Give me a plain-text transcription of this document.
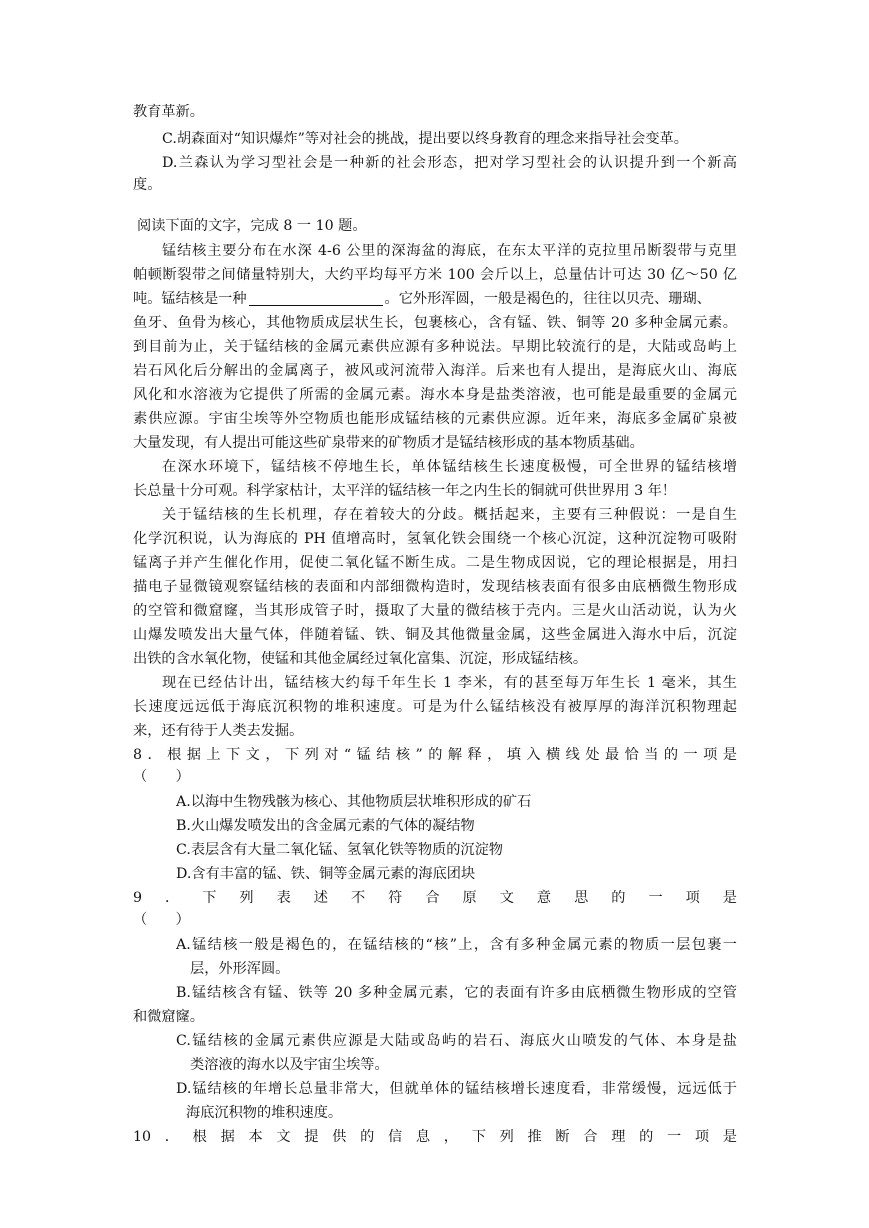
教育革新。
C.胡森面对“知识爆炸”等对社会的挑战，提出要以终身教育的理念来指导社会变革。
D.兰森认为学习型社会是一种新的社会形态，把对学习型社会的认识提升到一个新高
度。
阅读下面的文字，完成 8 一 10 题。
锰结核主要分布在水深 4-6 公里的深海盆的海底，在东太平洋的克拉里吊断裂带与克里
帕顿断裂带之间储量特别大，大约平均每平方米 100 会斤以上，总量估计可达 30 亿～50 亿
吨。锰结核是一种	。它外形浑圆，一般是褐色的，往往以贝壳、珊瑚、
鱼牙、鱼骨为核心，其他物质成层状生长，包裹核心，含有锰、铁、铜等 20 多种金属元素。
到目前为止，关于锰结核的金属元素供应源有多种说法。早期比较流行的是，大陆或岛屿上
岩石风化后分解出的金属离子，被风或河流带入海洋。后来也有人提出，是海底火山、海底
风化和水溶液为它提供了所需的金属元素。海水本身是盐类溶液，也可能是最重要的金属元
素供应源。宇宙尘埃等外空物质也能形成锰结核的元素供应源。近年来，海底多金属矿泉被
大量发现，有人提出可能这些矿泉带来的矿物质才是锰结核形成的基本物质基础。
在深水环境下，锰结核不停地生长，单体锰结核生长速度极慢，可全世界的锰结核增
长总量十分可观。科学家枯计，太平洋的锰结核一年之内生长的铜就可供世界用 3 年！
关于锰结核的生长机理，存在着较大的分歧。概括起来，主要有三种假说：一是自生
化学沉积说，认为海底的 PH 值增高时，氢氧化铁会围绕一个核心沉淀，这种沉淀物可吸附
锰离子并产生催化作用，促使二氧化锰不断生成。二是生物成因说，它的理论根据是，用扫
描电子显微镜观察锰结核的表面和内部细微构造时，发现结核表面有很多由底栖微生物形成
的空管和微窟窿，当其形成管子时，摄取了大量的微结核于壳内。三是火山活动说，认为火
山爆发喷发出大量气体，伴随着锰、铁、铜及其他微量金属，这些金属进入海水中后，沉淀
出铁的含水氧化物，使锰和其他金属经过氧化富集、沉淀，形成锰结核。
现在已经估计出，锰结核大约每千年生长 1 李米，有的甚至每万年生长 1 毫米，其生
长速度远远低于海底沉积物的堆积速度。可是为什么锰结核没有被厚厚的海洋沉积物理起
来，还有待于人类去发掘。
8．根据上下文，下列对“锰结核”的解释，填入横线处最恰当的一项是
（　　）
A.以海中生物残骸为核心、其他物质层状堆积形成的矿石
B.火山爆发喷发出的含金属元素的气体的凝结物
C.表层含有大量二氧化锰、氢氧化铁等物质的沉淀物
D.含有丰富的锰、铁、铜等金属元素的海底团块
9．下列表述不符合原文意思的一项是
（　　）
A.锰结核一般是褐色的，在锰结核的“核”上，含有多种金属元素的物质一层包裹一
层，外形浑圆。
B.锰结核含有锰、铁等 20 多种金属元素，它的表面有许多由底栖微生物形成的空管
和微窟窿。
C.锰结核的金属元素供应源是大陆或岛屿的岩石、海底火山喷发的气体、本身是盐
类溶液的海水以及宇宙尘埃等。
D.锰结核的年增长总量非常大，但就单体的锰结核增长速度看，非常缓慢，远远低于
海底沉积物的堆积速度。
10．根据本文提供的信息，下列推断合理的一项是
